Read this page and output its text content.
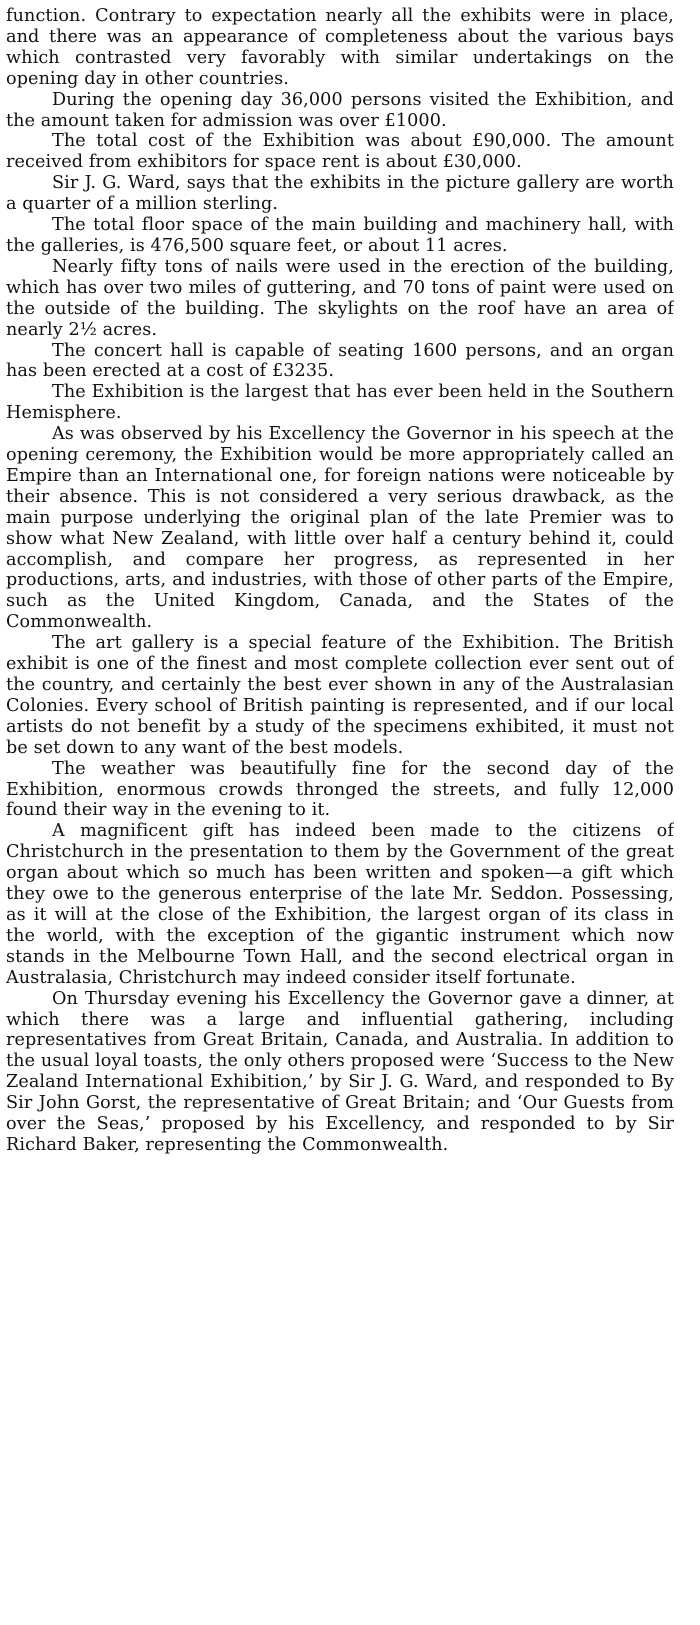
function. Contrary to expectation nearly all the exhibits were in place, and there was an appearance of completeness about the various bays which contrasted very favorably with similar undertakings on the opening day in other countries.

During the opening day 36,000 persons visited the Exhibition, and the amount taken for admission was over £1000.

The total cost of the Exhibition was about £90,000. The amount received from exhibitors for space rent is about £30,000.

Sir J. G. Ward, says that the exhibits in the picture gallery are worth a quarter of a million sterling.

The total floor space of the main building and machinery hall, with the galleries, is 476,500 square feet, or about 11 acres.

Nearly fifty tons of nails were used in the erection of the building, which has over two miles of guttering, and 70 tons of paint were used on the outside of the building. The skylights on the roof have an area of nearly 2½ acres.

The concert hall is capable of seating 1600 persons, and an organ has been erected at a cost of £3235.

The Exhibition is the largest that has ever been held in the Southern Hemisphere.

As was observed by his Excellency the Governor in his speech at the opening ceremony, the Exhibition would be more appropriately called an Empire than an International one, for foreign nations were noticeable by their absence. This is not considered a very serious drawback, as the main purpose underlying the original plan of the late Premier was to show what New Zealand, with little over half a century behind it, could accomplish, and compare her progress, as represented in her productions, arts, and industries, with those of other parts of the Empire, such as the United Kingdom, Canada, and the States of the Commonwealth.

The art gallery is a special feature of the Exhibition. The British exhibit is one of the finest and most complete collection ever sent out of the country, and certainly the best ever shown in any of the Australasian Colonies. Every school of British painting is represented, and if our local artists do not benefit by a study of the specimens exhibited, it must not be set down to any want of the best models.

The weather was beautifully fine for the second day of the Exhibition, enormous crowds thronged the streets, and fully 12,000 found their way in the evening to it.

A magnificent gift has indeed been made to the citizens of Christchurch in the presentation to them by the Government of the great organ about which so much has been written and spoken—a gift which they owe to the generous enterprise of the late Mr. Seddon. Possessing, as it will at the close of the Exhibition, the largest organ of its class in the world, with the exception of the gigantic instrument which now stands in the Melbourne Town Hall, and the second electrical organ in Australasia, Christchurch may indeed consider itself fortunate.

On Thursday evening his Excellency the Governor gave a dinner, at which there was a large and influential gathering, including representatives from Great Britain, Canada, and Australia. In addition to the usual loyal toasts, the only others proposed were ‘Success to the New Zealand International Exhibition,’ by Sir J. G. Ward, and responded to By Sir John Gorst, the representative of Great Britain; and ‘Our Guests from over the Seas,’ proposed by his Excellency, and responded to by Sir Richard Baker, representing the Commonwealth.
